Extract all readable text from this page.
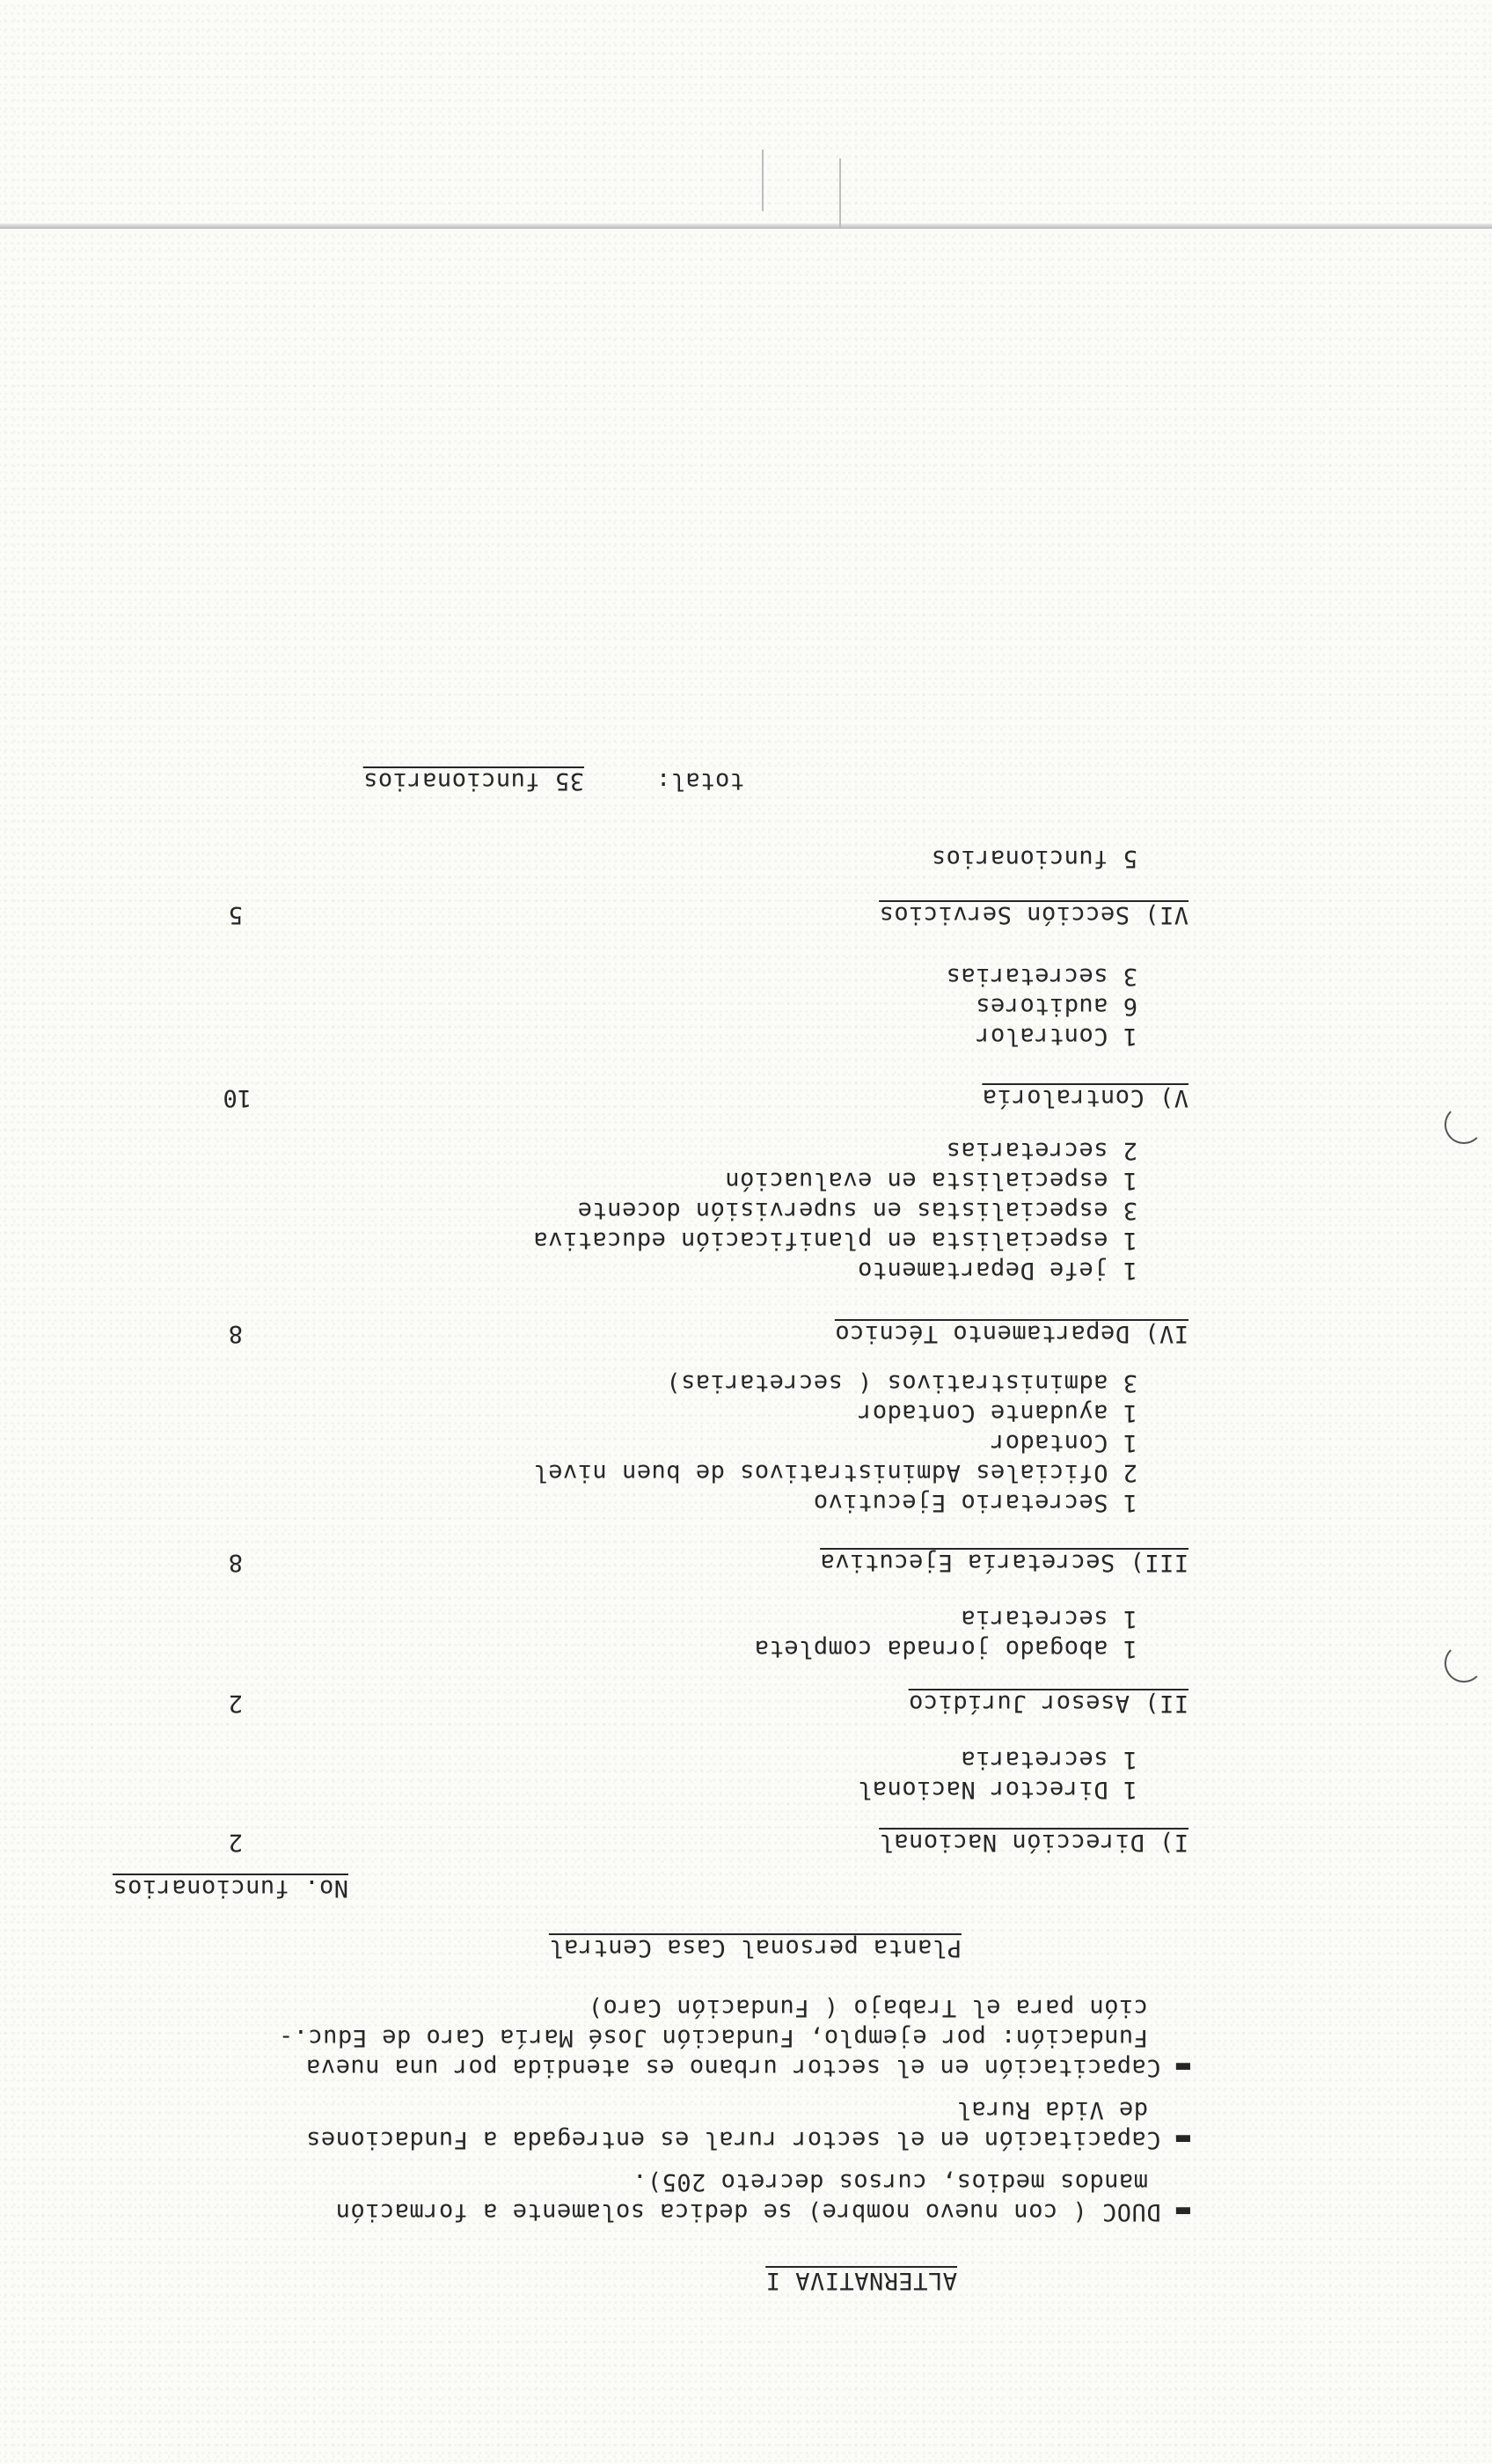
ALTERNATIVA I
▬ DUOC ( con nuevo nombre) se dedica solamente a formación
mandos medios, cursos decreto 205).
▬ Capacitación en el sector rural es entregada a Fundaciones
de Vida Rural
▬ Capacitación en el sector urbano es atendida por una nueva
Fundación: por ejemplo, Fundación José María Caro de Educ.-
ción para el Trabajo ( Fundación Caro)
Planta personal Casa Central
No. funcionarios
I) Dirección Nacional
2
1 Director Nacional
1 secretaria
II) Asesor Jurídico
2
1 abogado jornada completa
1 secretaria
III) Secretaría Ejecutiva
8
1 Secretario Ejecutivo
2 Oficiales Administrativos de buen nivel
1 Contador
1 ayudante Contador
3 administrativos ( secretarias)
IV) Departamento Técnico
8
1 jefe Departamento
1 especialista en planificación educativa
3 especialistas en supervisión docente
1 especialista en evaluación
2 secretarias
V) Contraloría
10
1 Contralor
6 auditores
3 secretarias
VI) Sección Servicios
5
5 funcionarios
total:
35 funcionarios
